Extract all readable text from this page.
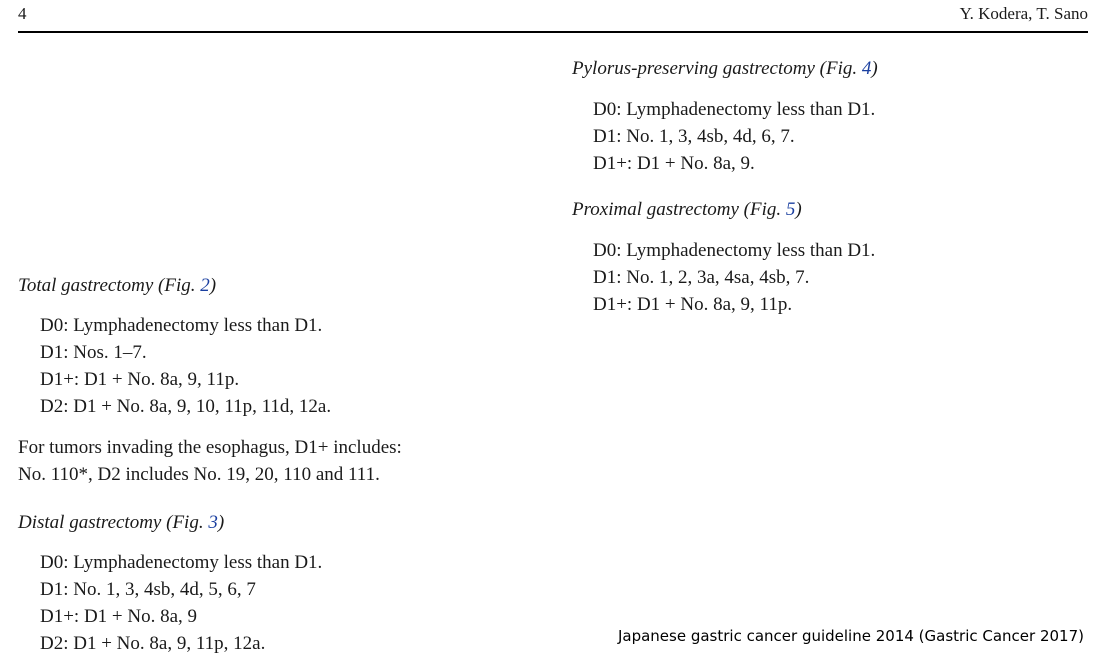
4	Y. Kodera, T. Sano
Pylorus-preserving gastrectomy (Fig. 4)
D0: Lymphadenectomy less than D1.
D1: No. 1, 3, 4sb, 4d, 6, 7.
D1+: D1 + No. 8a, 9.
Proximal gastrectomy (Fig. 5)
D0: Lymphadenectomy less than D1.
D1: No. 1, 2, 3a, 4sa, 4sb, 7.
D1+: D1 + No. 8a, 9, 11p.
Total gastrectomy (Fig. 2)
D0: Lymphadenectomy less than D1.
D1: Nos. 1–7.
D1+: D1 + No. 8a, 9, 11p.
D2: D1 + No. 8a, 9, 10, 11p, 11d, 12a.
For tumors invading the esophagus, D1+ includes:
No. 110*, D2 includes No. 19, 20, 110 and 111.
Distal gastrectomy (Fig. 3)
D0: Lymphadenectomy less than D1.
D1: No. 1, 3, 4sb, 4d, 5, 6, 7
D1+: D1 + No. 8a, 9
D2: D1 + No. 8a, 9, 11p, 12a.	Japanese gastric cancer guideline 2014 (Gastric Cancer 2017)
